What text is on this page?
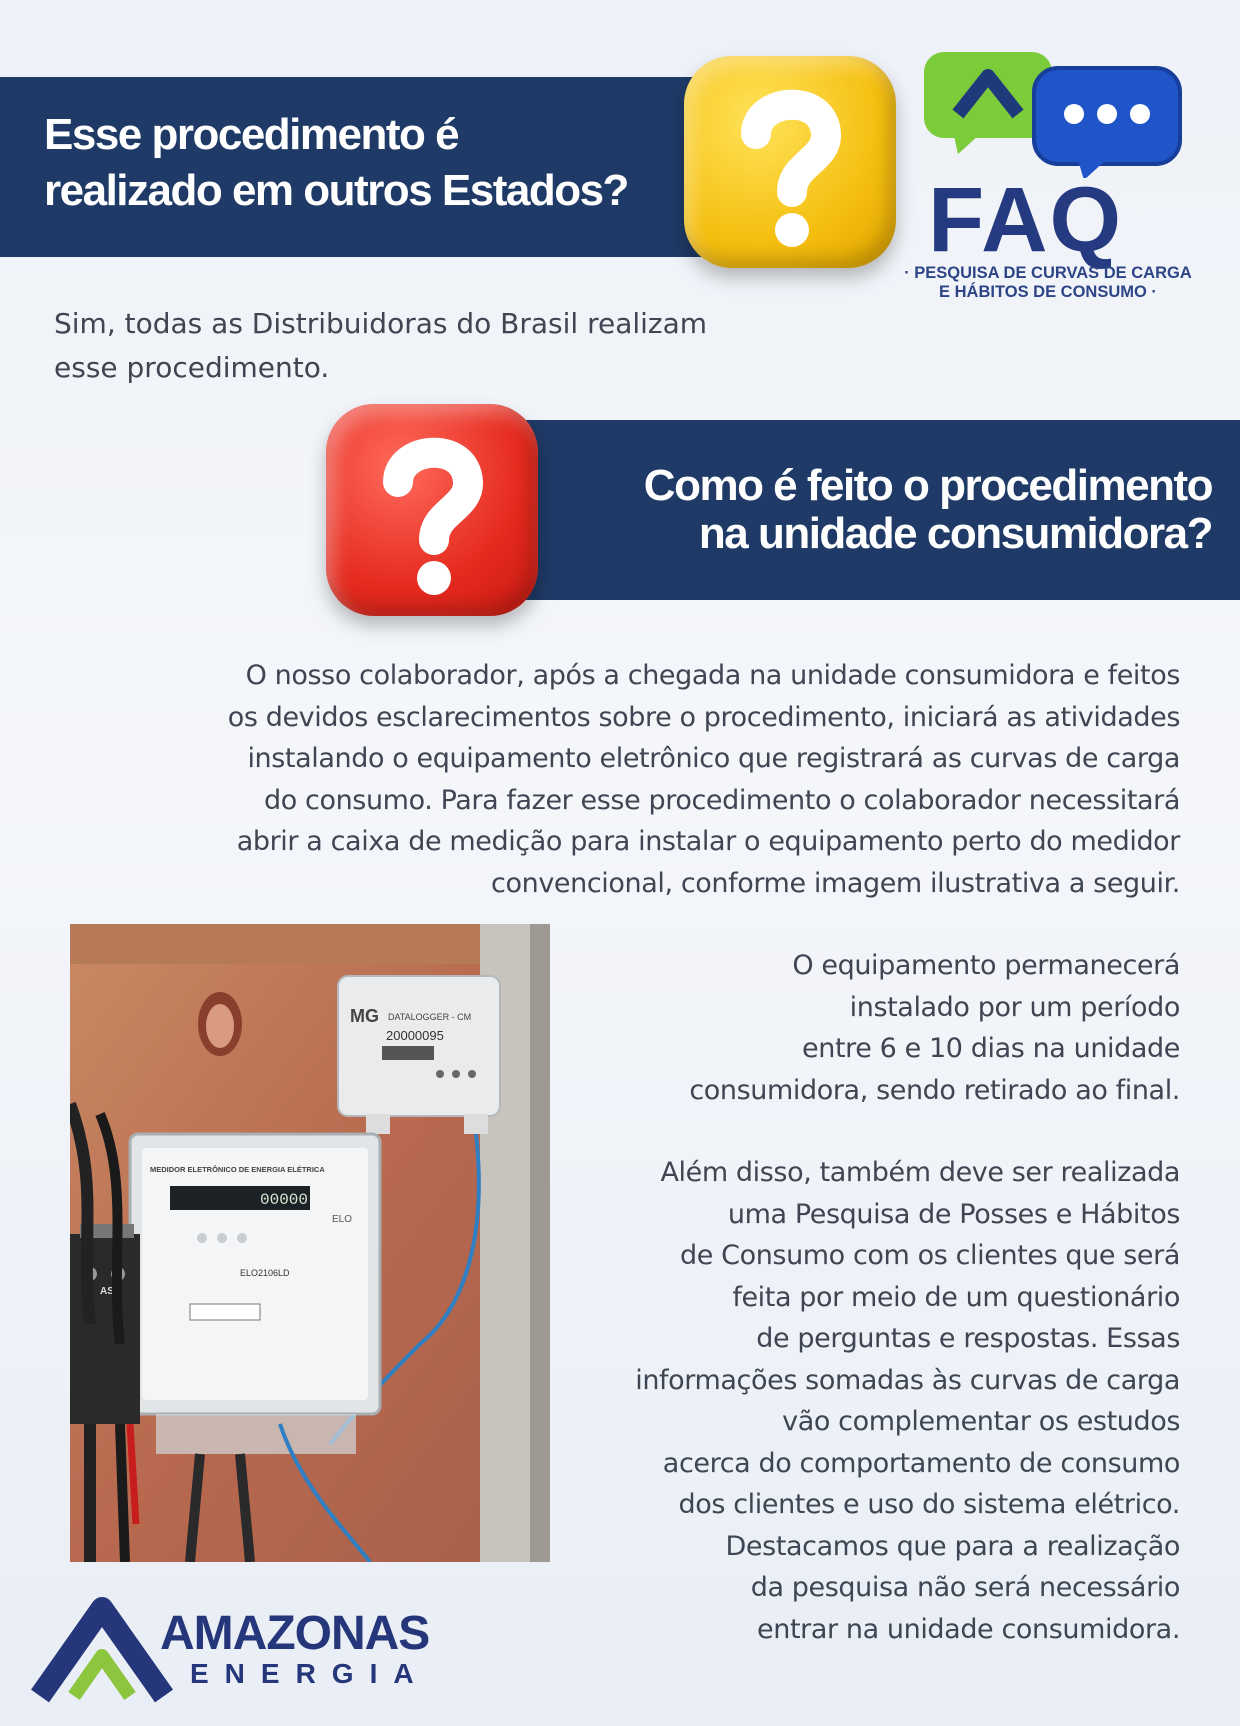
Esse procedimento é
realizado em outros Estados?	FAQ
· PESQUISA DE CURVAS DE CARGA
E HÁBITOS DE CONSUMO ·
Sim, todas as Distribuidoras do Brasil realizam
esse procedimento.
Como é feito o procedimento
na unidade consumidora?
O nosso colaborador, após a chegada na unidade consumidora e feitos
os devidos esclarecimentos sobre o procedimento, iniciará as atividades
instalando o equipamento eletrônico que registrará as curvas de carga
do consumo. Para fazer esse procedimento o colaborador necessitará
abrir a caixa de medição para instalar o equipamento perto do medidor
convencional, conforme imagem ilustrativa a seguir.
MG DATALOGGER - CM
20000095
MEDIDOR ELETRÔNICO DE ENERGIA ELÉTRICA
00000
ELO
ELO2106LD
ASM
O equipamento permanecerá
instalado por um período
entre 6 e 10 dias na unidade
consumidora, sendo retirado ao final.
Além disso, também deve ser realizada
uma Pesquisa de Posses e Hábitos
de Consumo com os clientes que será
feita por meio de um questionário
de perguntas e respostas. Essas
informações somadas às curvas de carga
vão complementar os estudos
acerca do comportamento de consumo
dos clientes e uso do sistema elétrico.
Destacamos que para a realização
da pesquisa não será necessário
entrar na unidade consumidora.
AMAZONAS
ENERGIA
